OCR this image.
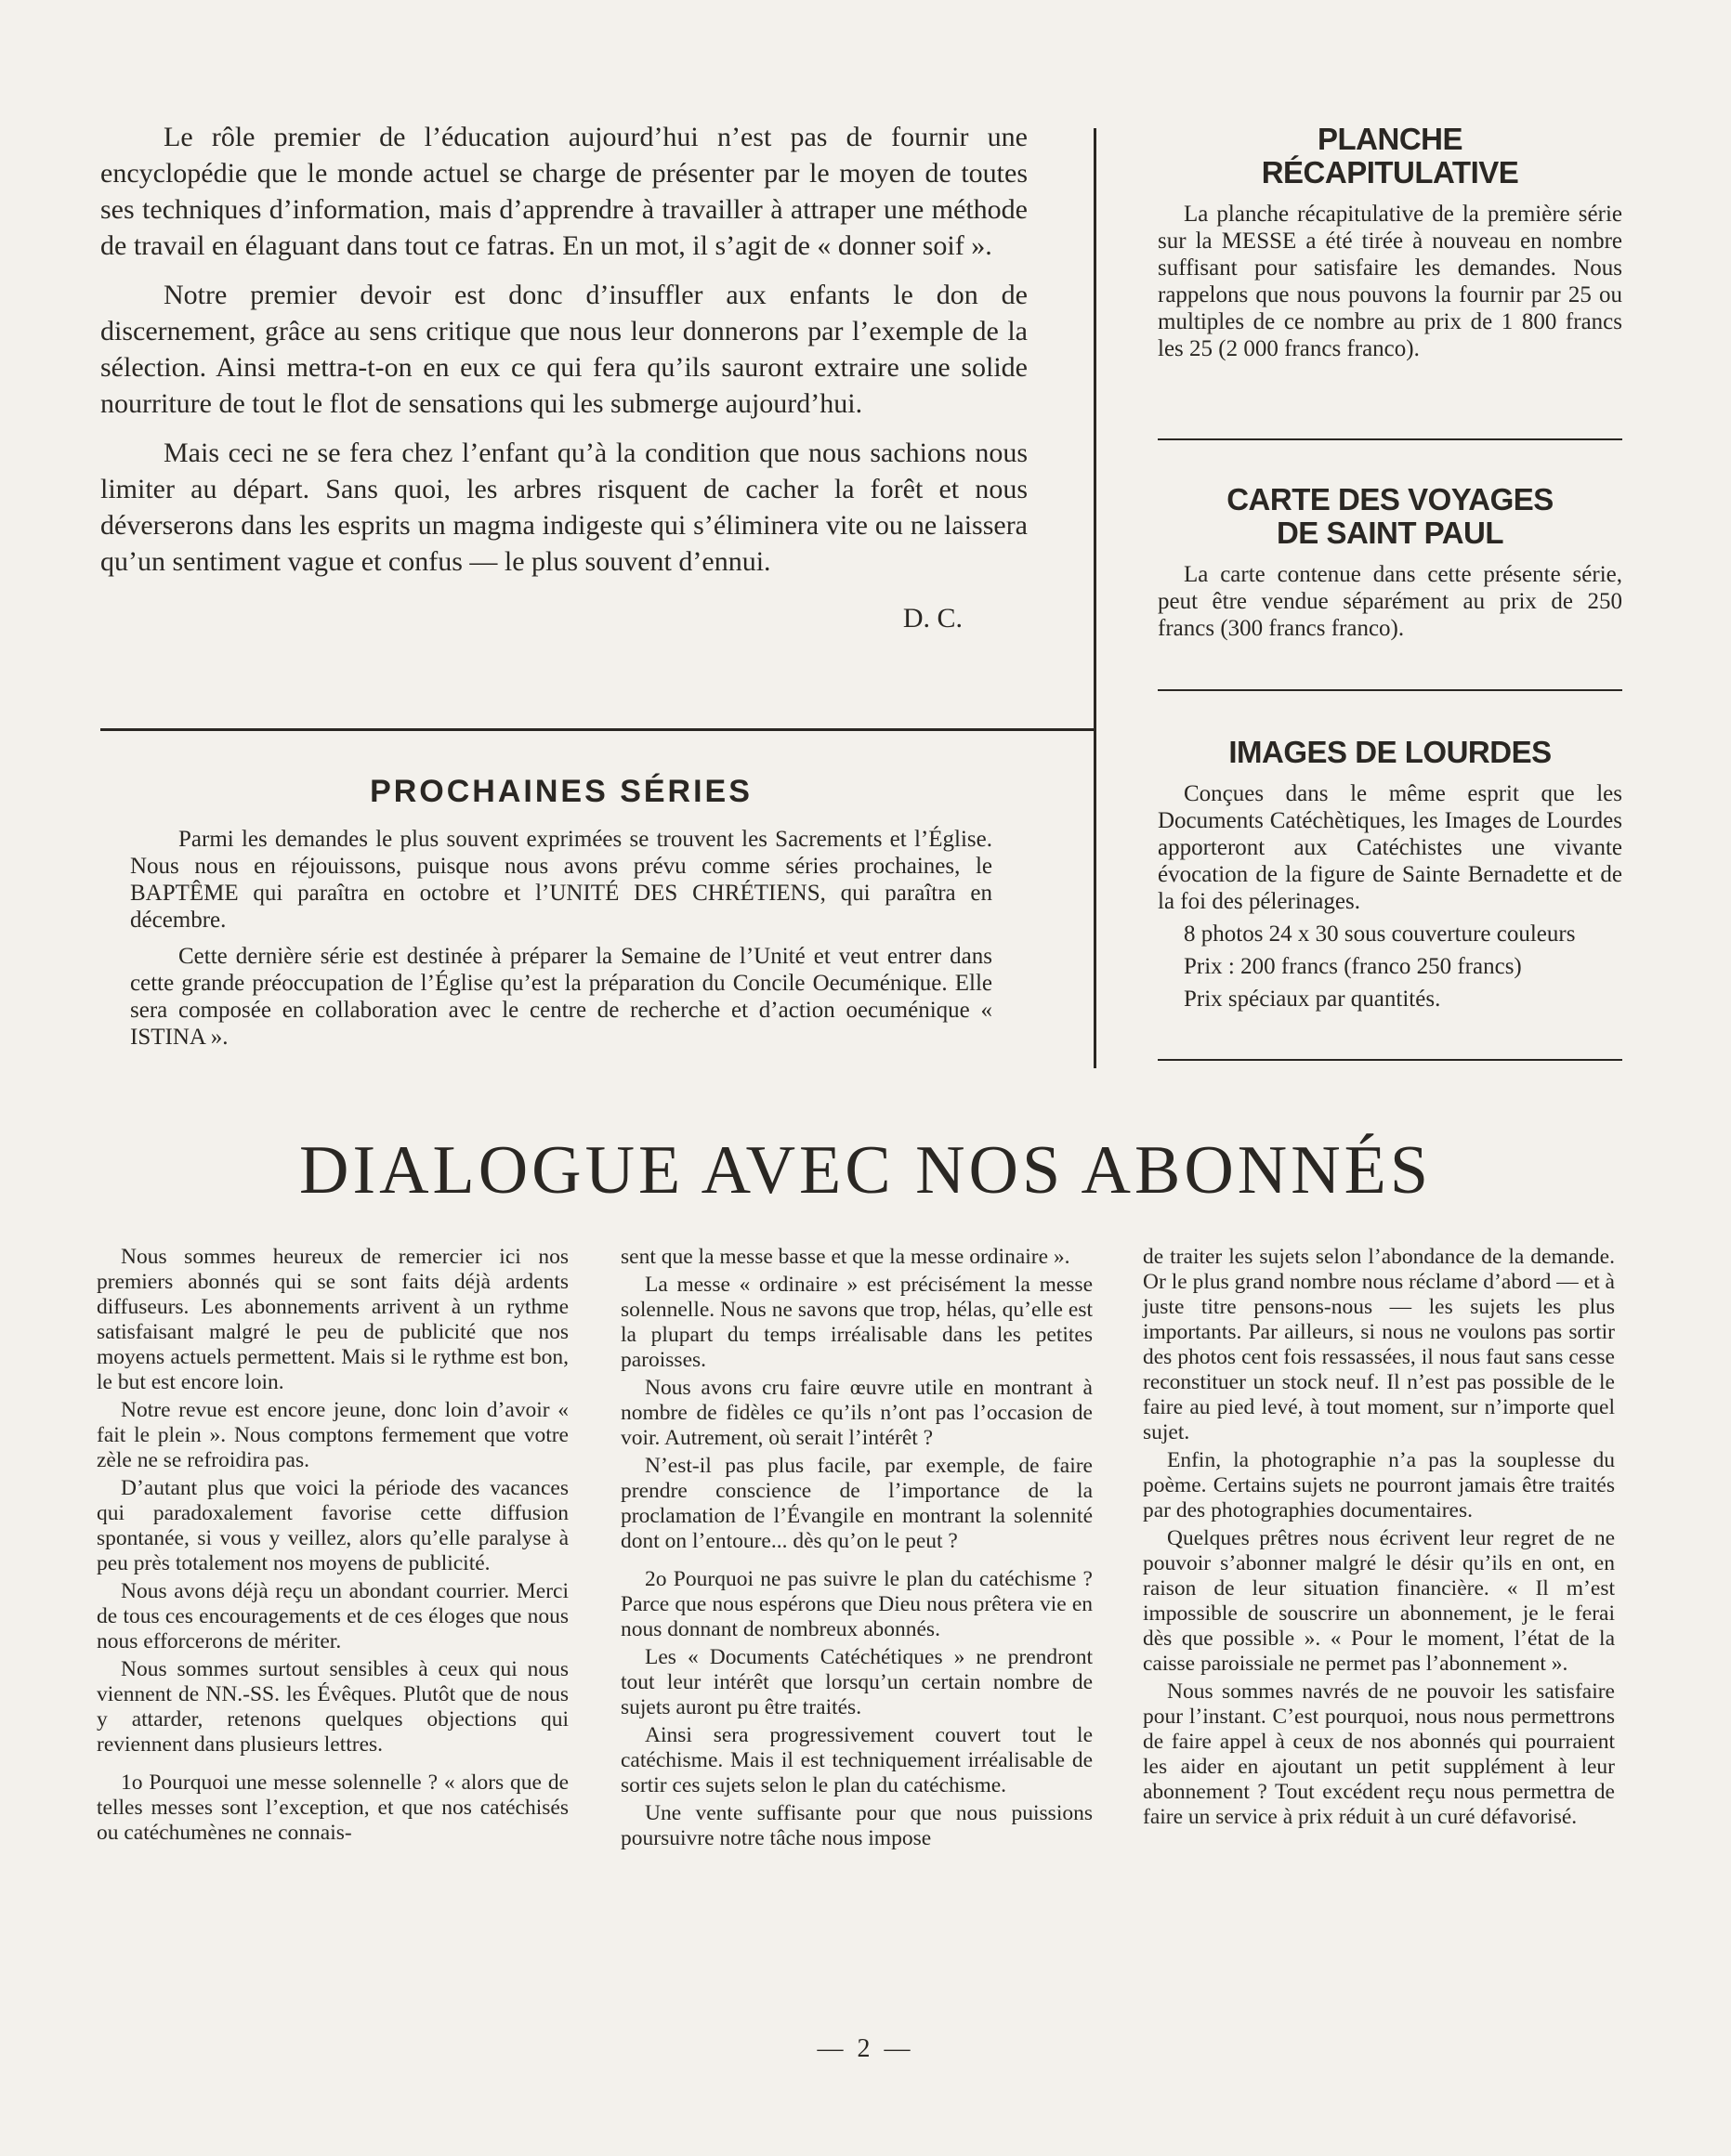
Le rôle premier de l’éducation aujourd’hui n’est pas de fournir une encyclopédie que le monde actuel se charge de présenter par le moyen de toutes ses techniques d’information, mais d’apprendre à travailler à attraper une méthode de travail en élaguant dans tout ce fatras. En un mot, il s’agit de « donner soif ».

Notre premier devoir est donc d’insuffler aux enfants le don de discernement, grâce au sens critique que nous leur donnerons par l’exemple de la sélection. Ainsi mettra-t-on en eux ce qui fera qu’ils sauront extraire une solide nourriture de tout le flot de sensations qui les submerge aujourd’hui.

Mais ceci ne se fera chez l’enfant qu’à la condition que nous sachions nous limiter au départ. Sans quoi, les arbres risquent de cacher la forêt et nous déverserons dans les esprits un magma indigeste qui s’éliminera vite ou ne laissera qu’un sentiment vague et confus — le plus souvent d’ennui.

D. C.

PROCHAINES SÉRIES

Parmi les demandes le plus souvent exprimées se trouvent les Sacrements et l’Église. Nous nous en réjouissons, puisque nous avons prévu comme séries prochaines, le BAPTÊME qui paraîtra en octobre et l’UNITÉ DES CHRÉTIENS, qui paraîtra en décembre.

Cette dernière série est destinée à préparer la Semaine de l’Unité et veut entrer dans cette grande préoccupation de l’Église qu’est la préparation du Concile Oecuménique. Elle sera composée en collaboration avec le centre de recherche et d’action oecuménique « ISTINA ».

PLANCHE
RÉCAPITULATIVE

La planche récapitulative de la première série sur la MESSE a été tirée à nouveau en nombre suffisant pour satisfaire les demandes. Nous rappelons que nous pouvons la fournir par 25 ou multiples de ce nombre au prix de 1 800 francs les 25 (2 000 francs franco).

CARTE DES VOYAGES
DE SAINT PAUL

La carte contenue dans cette présente série, peut être vendue séparément au prix de 250 francs (300 francs franco).

IMAGES DE LOURDES

Conçues dans le même esprit que les Documents Catéchètiques, les Images de Lourdes apporteront aux Catéchistes une vivante évocation de la figure de Sainte Bernadette et de la foi des pélerinages.

8 photos 24 x 30 sous couverture couleurs

Prix : 200 francs (franco 250 francs)

Prix spéciaux par quantités.

DIALOGUE AVEC NOS ABONNÉS

Nous sommes heureux de remercier ici nos premiers abonnés qui se sont faits déjà ardents diffuseurs. Les abonnements arrivent à un rythme satisfaisant malgré le peu de publicité que nos moyens actuels permettent. Mais si le rythme est bon, le but est encore loin.

Notre revue est encore jeune, donc loin d’avoir « fait le plein ». Nous comptons fermement que votre zèle ne se refroidira pas.

D’autant plus que voici la période des vacances qui paradoxalement favorise cette diffusion spontanée, si vous y veillez, alors qu’elle paralyse à peu près totalement nos moyens de publicité.

Nous avons déjà reçu un abondant courrier. Merci de tous ces encouragements et de ces éloges que nous nous efforcerons de mériter.

Nous sommes surtout sensibles à ceux qui nous viennent de NN.-SS. les Évêques. Plutôt que de nous y attarder, retenons quelques objections qui reviennent dans plusieurs lettres.

1o Pourquoi une messe solennelle ? « alors que de telles messes sont l’exception, et que nos catéchisés ou catéchumènes ne connais-

sent que la messe basse et que la messe ordinaire ».

La messe « ordinaire » est précisément la messe solennelle. Nous ne savons que trop, hélas, qu’elle est la plupart du temps irréalisable dans les petites paroisses.

Nous avons cru faire œuvre utile en montrant à nombre de fidèles ce qu’ils n’ont pas l’occasion de voir. Autrement, où serait l’intérêt ?

N’est-il pas plus facile, par exemple, de faire prendre conscience de l’importance de la proclamation de l’Évangile en montrant la solennité dont on l’entoure... dès qu’on le peut ?

2o Pourquoi ne pas suivre le plan du catéchisme ? Parce que nous espérons que Dieu nous prêtera vie en nous donnant de nombreux abonnés.

Les « Documents Catéchétiques » ne prendront tout leur intérêt que lorsqu’un certain nombre de sujets auront pu être traités.

Ainsi sera progressivement couvert tout le catéchisme. Mais il est techniquement irréalisable de sortir ces sujets selon le plan du catéchisme.

Une vente suffisante pour que nous puissions poursuivre notre tâche nous impose

de traiter les sujets selon l’abondance de la demande. Or le plus grand nombre nous réclame d’abord — et à juste titre pensons-nous — les sujets les plus importants. Par ailleurs, si nous ne voulons pas sortir des photos cent fois ressassées, il nous faut sans cesse reconstituer un stock neuf. Il n’est pas possible de le faire au pied levé, à tout moment, sur n’importe quel sujet.

Enfin, la photographie n’a pas la souplesse du poème. Certains sujets ne pourront jamais être traités par des photographies documentaires.

Quelques prêtres nous écrivent leur regret de ne pouvoir s’abonner malgré le désir qu’ils en ont, en raison de leur situation financière. « Il m’est impossible de souscrire un abonnement, je le ferai dès que possible ». « Pour le moment, l’état de la caisse paroissiale ne permet pas l’abonnement ».

Nous sommes navrés de ne pouvoir les satisfaire pour l’instant. C’est pourquoi, nous nous permettrons de faire appel à ceux de nos abonnés qui pourraient les aider en ajoutant un petit supplément à leur abonnement ? Tout excédent reçu nous permettra de faire un service à prix réduit à un curé défavorisé.

— 2 —
